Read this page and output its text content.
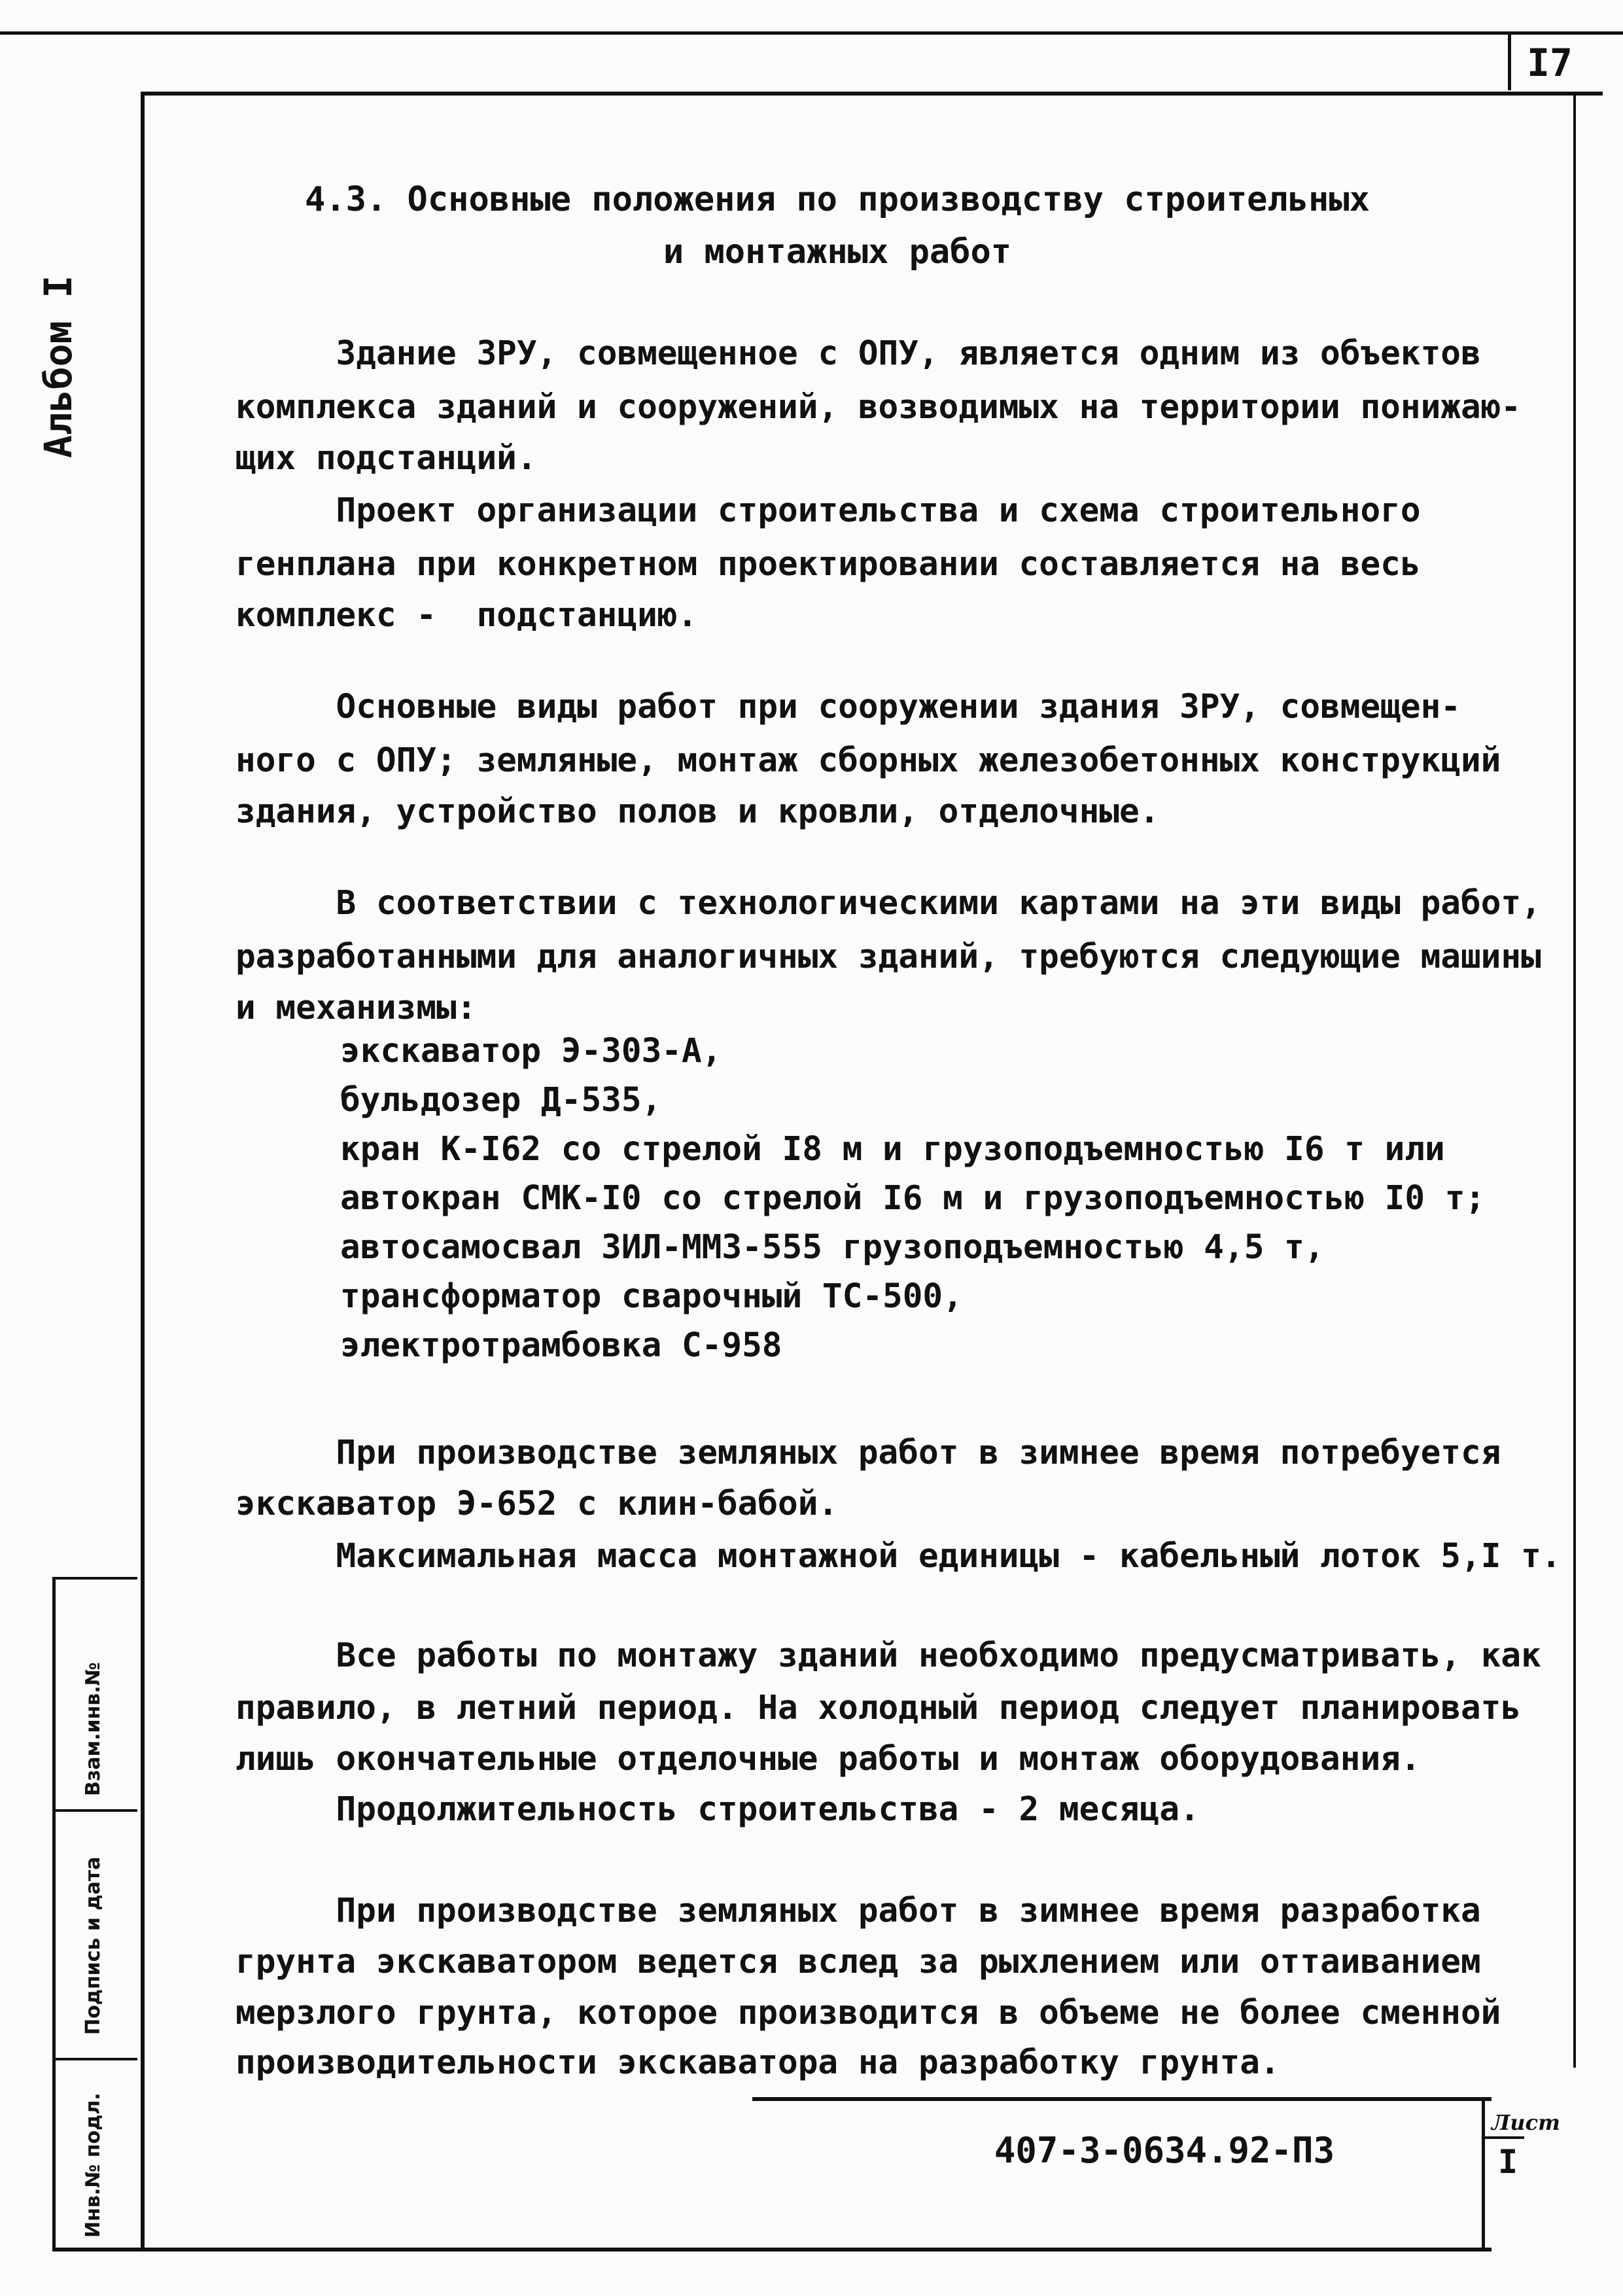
I7
Альбом I
Взам.инв.№
Подпись и дата
Инв.№ подл.
4.3. Основные положения по производству строительных
и монтажных работ
Здание ЗРУ, совмещенное с ОПУ, является одним из объектов
комплекса зданий и сооружений, возводимых на территории понижаю-
щих подстанций.
Проект организации строительства и схема строительного
генплана при конкретном проектировании составляется на весь
комплекс -  подстанцию.
Основные виды работ при сооружении здания ЗРУ, совмещен-
ного с ОПУ; земляные, монтаж сборных железобетонных конструкций
здания, устройство полов и кровли, отделочные.
В соответствии с технологическими картами на эти виды работ,
разработанными для аналогичных зданий, требуются следующие машины
и механизмы:
экскаватор Э-303-А,
бульдозер Д-535,
кран К-I62 со стрелой I8 м и грузоподъемностью I6 т или
автокран СМК-I0 со стрелой I6 м и грузоподъемностью I0 т;
автосамосвал ЗИЛ-ММЗ-555 грузоподъемностью 4,5 т,
трансформатор сварочный ТС-500,
электротрамбовка С-958
При производстве земляных работ в зимнее время потребуется
экскаватор Э-652 с клин-бабой.
Максимальная масса монтажной единицы - кабельный лоток 5,I т.
Все работы по монтажу зданий необходимо предусматривать, как
правило, в летний период. На холодный период следует планировать
лишь окончательные отделочные работы и монтаж оборудования.
Продолжительность строительства - 2 месяца.
При производстве земляных работ в зимнее время разработка
грунта экскаватором ведется вслед за рыхлением или оттаиванием
мерзлого грунта, которое производится в объеме не более сменной
производительности экскаватора на разработку грунта.
407-3-0634.92-ПЗ
Лист
I
